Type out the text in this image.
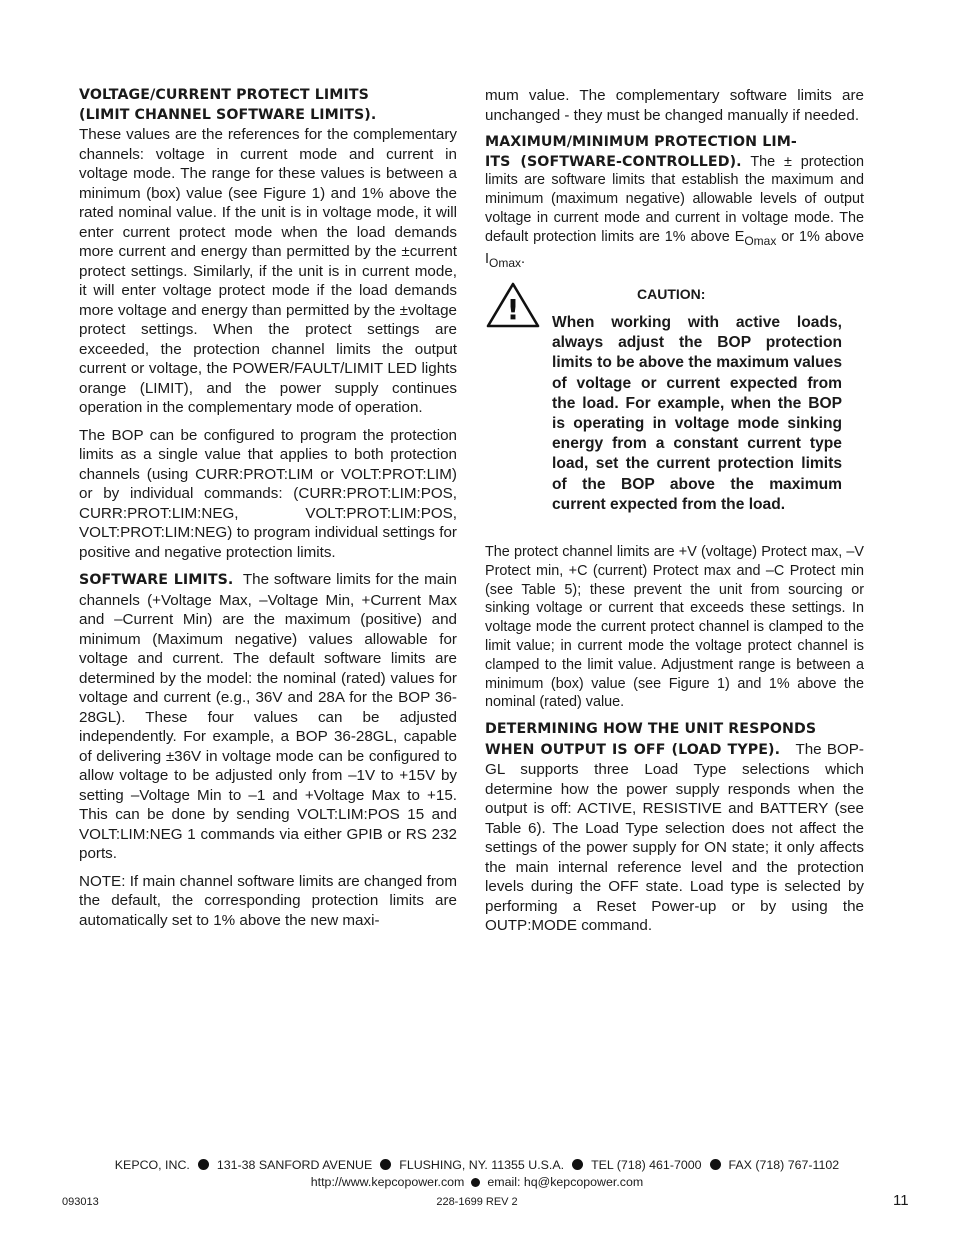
VOLTAGE/CURRENT PROTECT LIMITS
(LIMIT CHANNEL SOFTWARE LIMITS).

These values are the references for the complementary channels: voltage in current mode and current in voltage mode. The range for these values is between a minimum (box) value (see Figure 1) and 1% above the rated nominal value. If the unit is in voltage mode, it will enter current protect mode when the load demands more current and energy than permitted by the ±current protect settings. Similarly, if the unit is in current mode, it will enter voltage protect mode if the load demands more voltage and energy than permitted by the ±voltage protect settings. When the protect settings are exceeded, the protection channel limits the output current or voltage, the POWER/FAULT/LIMIT LED lights orange (LIMIT), and the power supply continues operation in the complementary mode of operation.

The BOP can be configured to program the protection limits as a single value that applies to both protection channels (using CURR:PROT:LIM or VOLT:PROT:LIM) or by individual commands: (CURR:PROT:LIM:POS, CURR:PROT:LIM:NEG, VOLT:PROT:LIM:POS, VOLT:PROT:LIM:NEG) to program individual settings for positive and negative protection limits.

SOFTWARE LIMITS. The software limits for the main channels (+Voltage Max, –Voltage Min, +Current Max and –Current Min) are the maximum (positive) and minimum (Maximum negative) values allowable for voltage and current. The default software limits are determined by the model: the nominal (rated) values for voltage and current (e.g., 36V and 28A for the BOP 36-28GL). These four values can be adjusted independently. For example, a BOP 36-28GL, capable of delivering ±36V in voltage mode can be configured to allow voltage to be adjusted only from –1V to +15V by setting –Voltage Min to –1 and +Voltage Max to +15. This can be done by sending VOLT:LIM:POS 15 and VOLT:LIM:NEG 1 commands via either GPIB or RS 232 ports.

NOTE: If main channel software limits are changed from the default, the corresponding protection limits are automatically set to 1% above the new maxi-

mum value. The complementary software limits are unchanged - they must be changed manually if needed.

MAXIMUM/MINIMUM PROTECTION LIM-

ITS (SOFTWARE-CONTROLLED). The ± protection limits are software limits that establish the maximum and minimum (maximum negative) allowable levels of output voltage in current mode and current in voltage mode. The default protection limits are 1% above $E_{Omax}$ or 1% above $I_{Omax}$.

!	CAUTION:
When working with active loads, always adjust the BOP protection limits to be above the maximum values of voltage or current expected from the load. For example, when the BOP is operating in voltage mode sinking energy from a constant current type load, set the current protection limits of the BOP above the maximum current expected from the load.

The protect channel limits are +V (voltage) Protect max, –V Protect min, +C (current) Protect max and –C Protect min (see Table 5); these prevent the unit from sourcing or sinking voltage or current that exceeds these settings. In voltage mode the current protect channel is clamped to the limit value; in current mode the voltage protect channel is clamped to the limit value. Adjustment range is between a minimum (box) value (see Figure 1) and 1% above the nominal (rated) value.

DETERMINING HOW THE UNIT RESPONDS

WHEN OUTPUT IS OFF (LOAD TYPE). The BOP-GL supports three Load Type selections which determine how the power supply responds when the output is off: ACTIVE, RESISTIVE and BATTERY (see Table 6). The Load Type selection does not affect the settings of the power supply for ON state; it only affects the main internal reference level and the protection levels during the OFF state. Load type is selected by performing a Reset Power-up or by using the OUTP:MODE command.

KEPCO, INC. 131-38 SANFORD AVENUE FLUSHING, NY. 11355 U.S.A. TEL (718) 461-7000 FAX (718) 767-1102
http://www.kepcopower.com email: hq@kepcopower.com
093013	228-1699 REV 2	11
